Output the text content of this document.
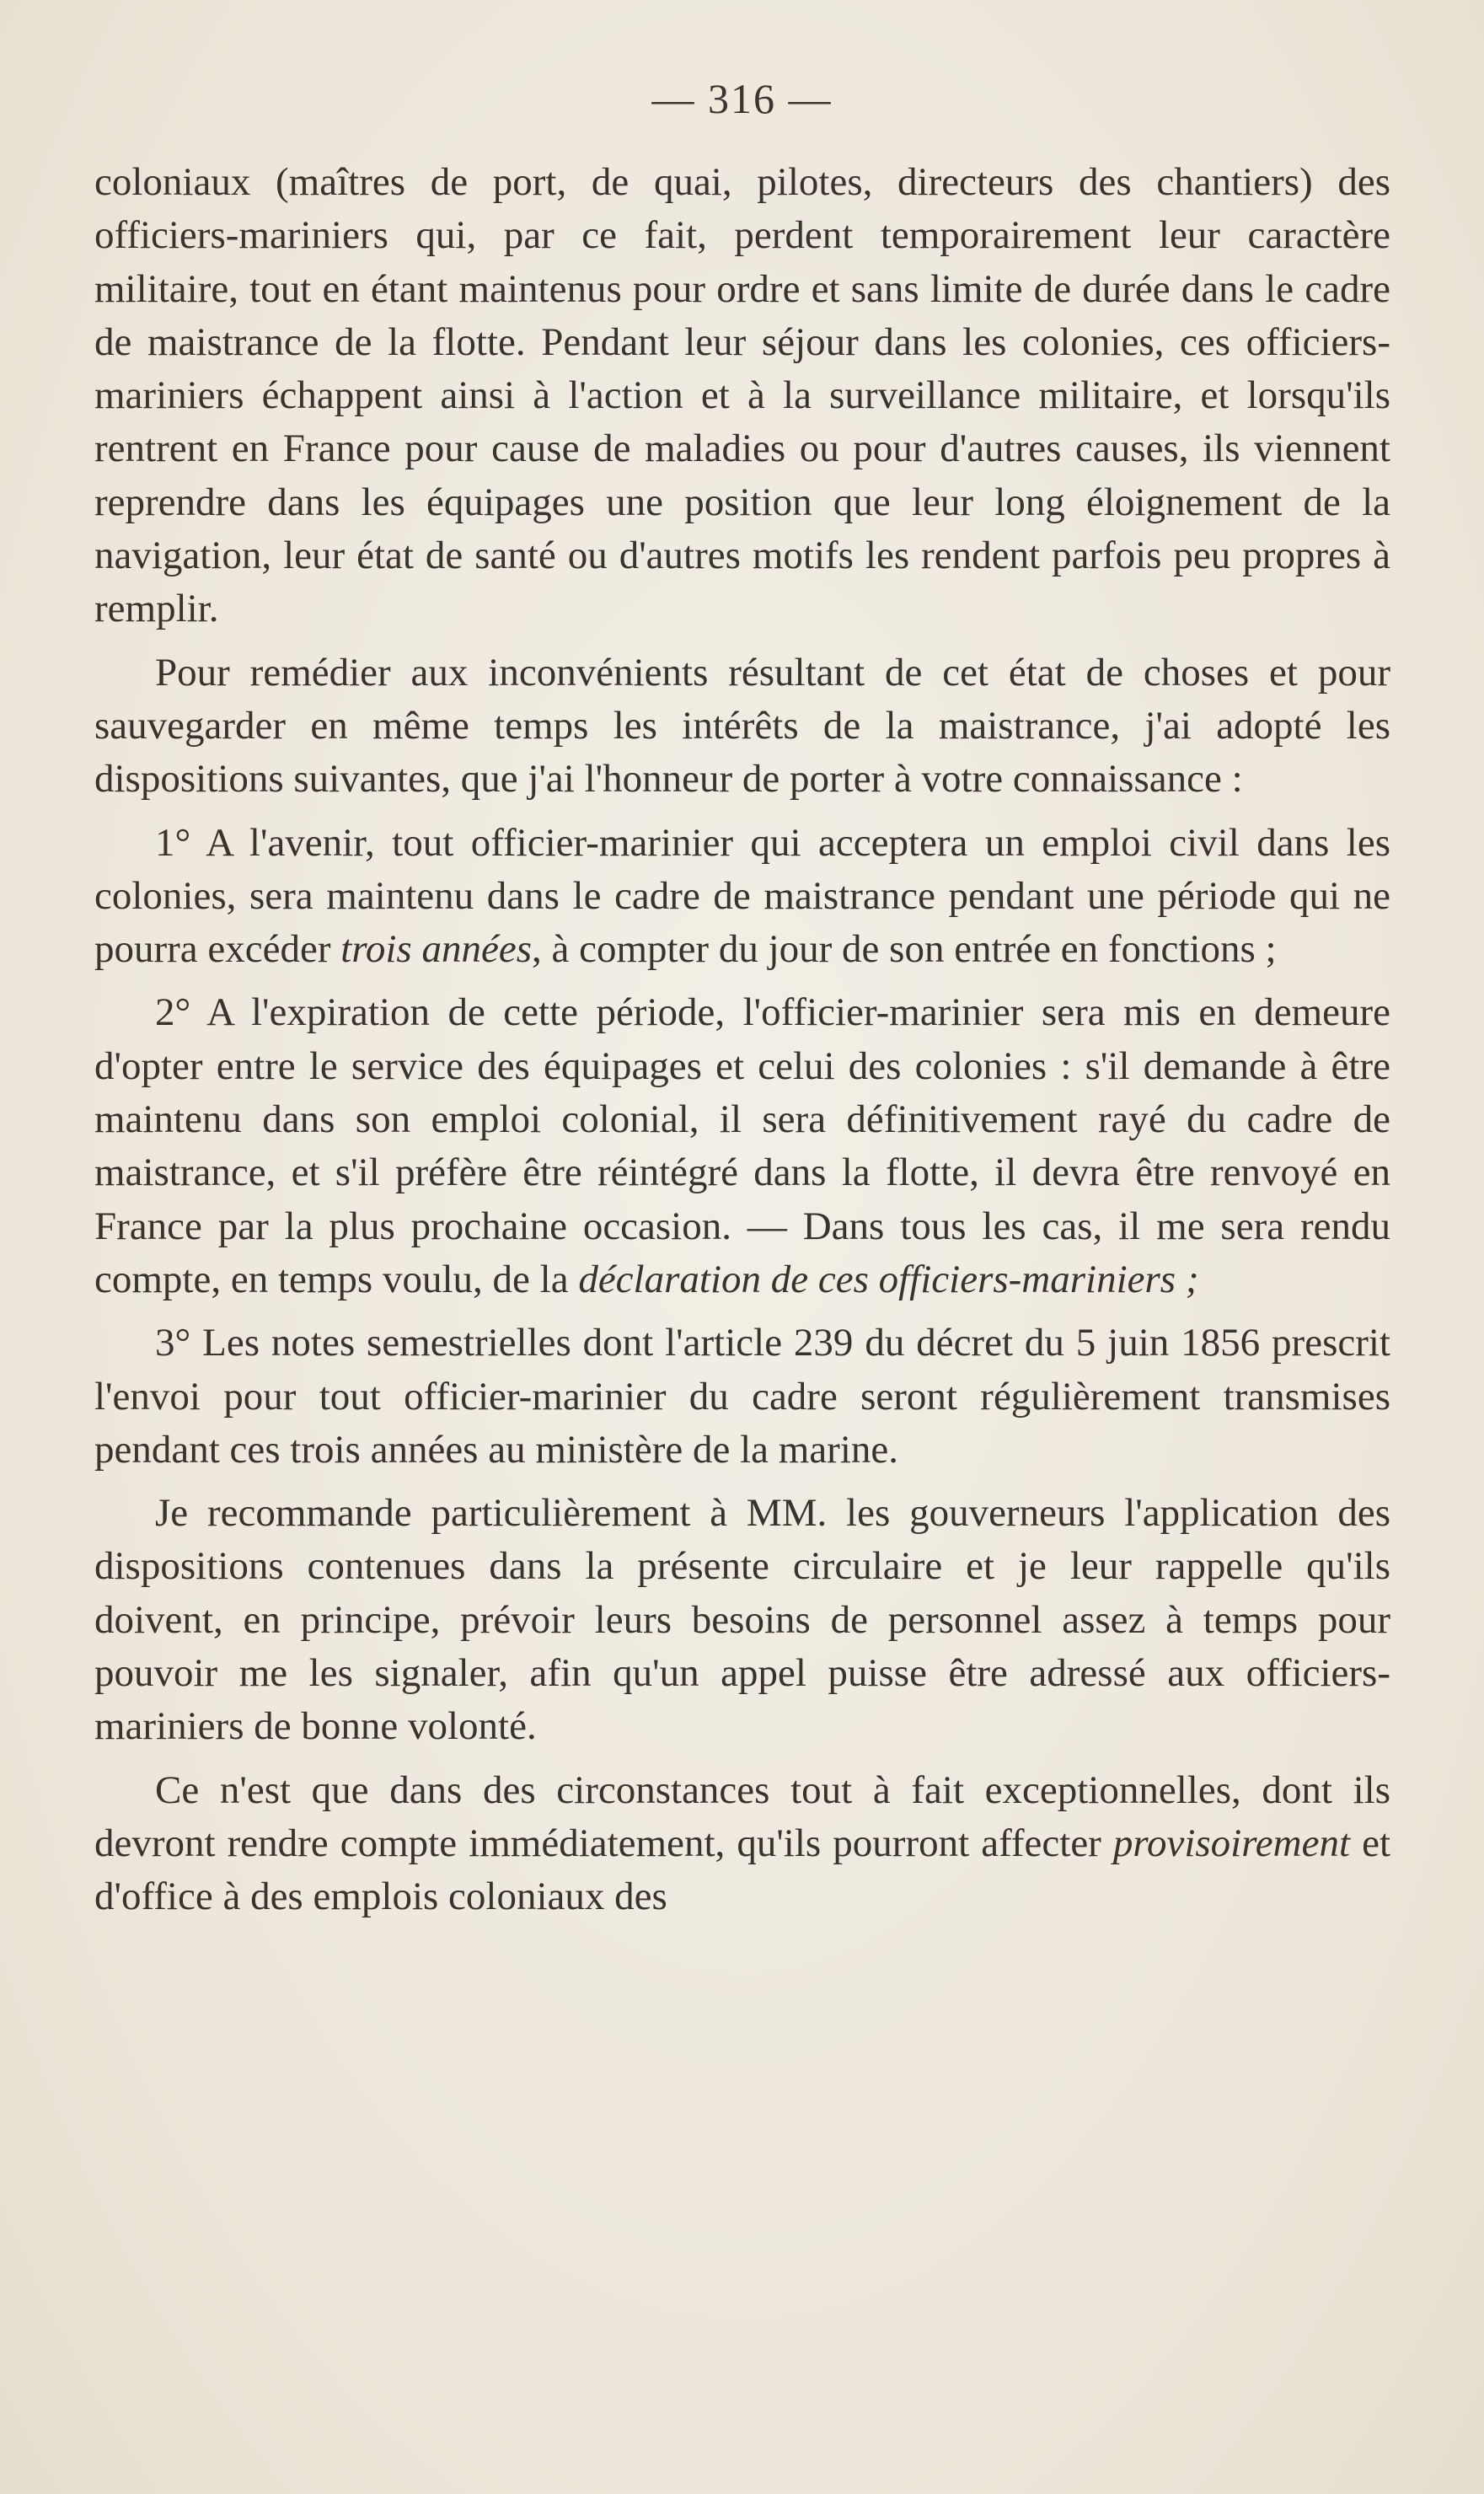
— 316 —

coloniaux (maîtres de port, de quai, pilotes, directeurs des chantiers) des officiers-mariniers qui, par ce fait, perdent temporairement leur caractère militaire, tout en étant maintenus pour ordre et sans limite de durée dans le cadre de maistrance de la flotte. Pendant leur séjour dans les colonies, ces officiers-mariniers échappent ainsi à l'action et à la surveillance militaire, et lorsqu'ils rentrent en France pour cause de maladies ou pour d'autres causes, ils viennent reprendre dans les équipages une position que leur long éloignement de la navigation, leur état de santé ou d'autres motifs les rendent parfois peu propres à remplir.

Pour remédier aux inconvénients résultant de cet état de choses et pour sauvegarder en même temps les intérêts de la maistrance, j'ai adopté les dispositions suivantes, que j'ai l'honneur de porter à votre connaissance :

1° A l'avenir, tout officier-marinier qui acceptera un emploi civil dans les colonies, sera maintenu dans le cadre de maistrance pendant une période qui ne pourra excéder trois années, à compter du jour de son entrée en fonctions ;

2° A l'expiration de cette période, l'officier-marinier sera mis en demeure d'opter entre le service des équipages et celui des colonies : s'il demande à être maintenu dans son emploi colonial, il sera définitivement rayé du cadre de maistrance, et s'il préfère être réintégré dans la flotte, il devra être renvoyé en France par la plus prochaine occasion. — Dans tous les cas, il me sera rendu compte, en temps voulu, de la déclaration de ces officiers-mariniers ;

3° Les notes semestrielles dont l'article 239 du décret du 5 juin 1856 prescrit l'envoi pour tout officier-marinier du cadre seront régulièrement transmises pendant ces trois années au ministère de la marine.

Je recommande particulièrement à MM. les gouverneurs l'application des dispositions contenues dans la présente circulaire et je leur rappelle qu'ils doivent, en principe, prévoir leurs besoins de personnel assez à temps pour pouvoir me les signaler, afin qu'un appel puisse être adressé aux officiers-mariniers de bonne volonté.

Ce n'est que dans des circonstances tout à fait exceptionnelles, dont ils devront rendre compte immédiatement, qu'ils pourront affecter provisoirement et d'office à des emplois coloniaux des
